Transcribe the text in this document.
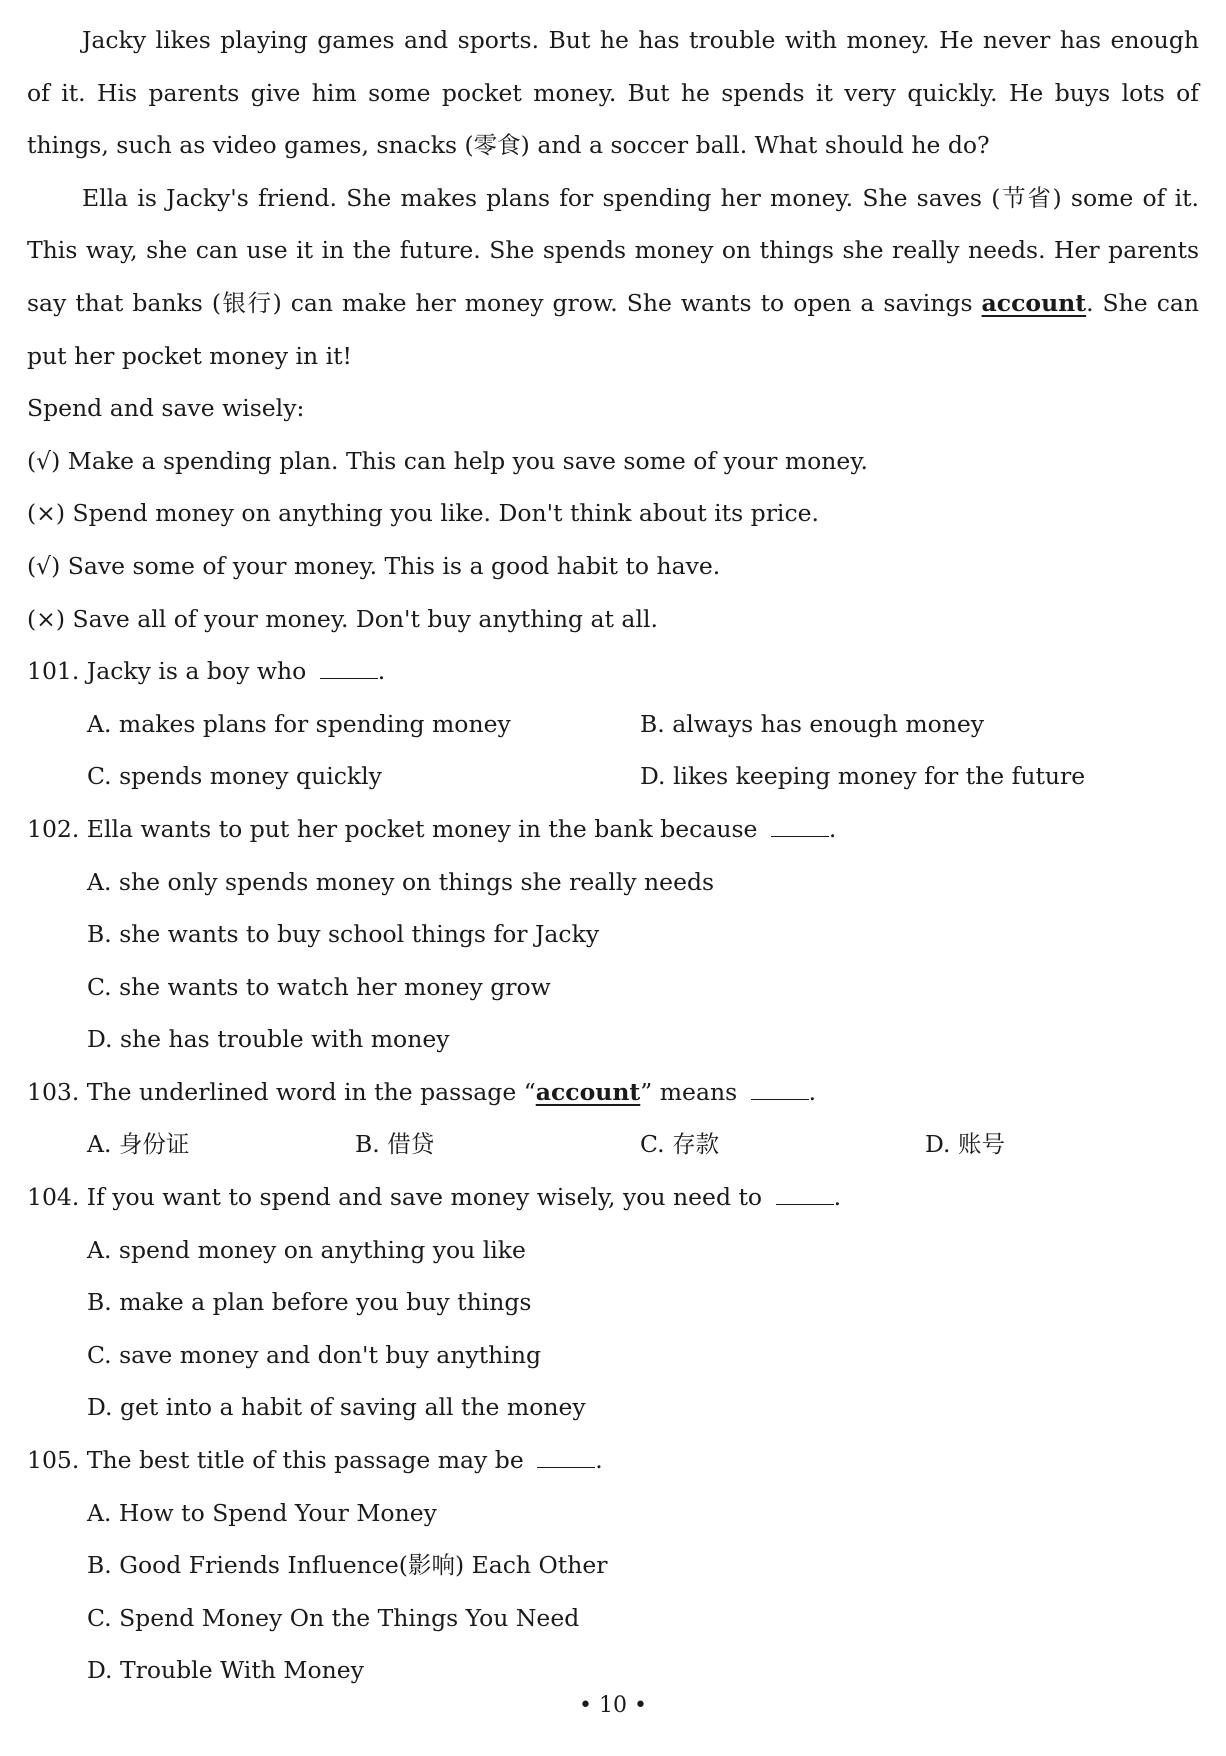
Jacky likes playing games and sports. But he has trouble with money. He never has enough
of it. His parents give him some pocket money. But he spends it very quickly. He buys lots of
things, such as video games, snacks (零食) and a soccer ball. What should he do?
Ella is Jacky's friend. She makes plans for spending her money. She saves (节省) some of it.
This way, she can use it in the future. She spends money on things she really needs. Her parents
say that banks (银行) can make her money grow. She wants to open a savings account. She can
put her pocket money in it!
Spend and save wisely:
(√) Make a spending plan. This can help you save some of your money.
(×) Spend money on anything you like. Don't think about its price.
(√) Save some of your money. This is a good habit to have.
(×) Save all of your money. Don't buy anything at all.
101. Jacky is a boy who	.
A. makes plans for spending money	B. always has enough money
C. spends money quickly	D. likes keeping money for the future
102. Ella wants to put her pocket money in the bank because	.
A. she only spends money on things she really needs
B. she wants to buy school things for Jacky
C. she wants to watch her money grow
D. she has trouble with money
103. The underlined word in the passage “account” means	.
A. 身份证	B. 借贷	C. 存款	D. 账号
104. If you want to spend and save money wisely, you need to	.
A. spend money on anything you like
B. make a plan before you buy things
C. save money and don't buy anything
D. get into a habit of saving all the money
105. The best title of this passage may be	.
A. How to Spend Your Money
B. Good Friends Influence(影响) Each Other
C. Spend Money On the Things You Need
D. Trouble With Money
• 10 •
